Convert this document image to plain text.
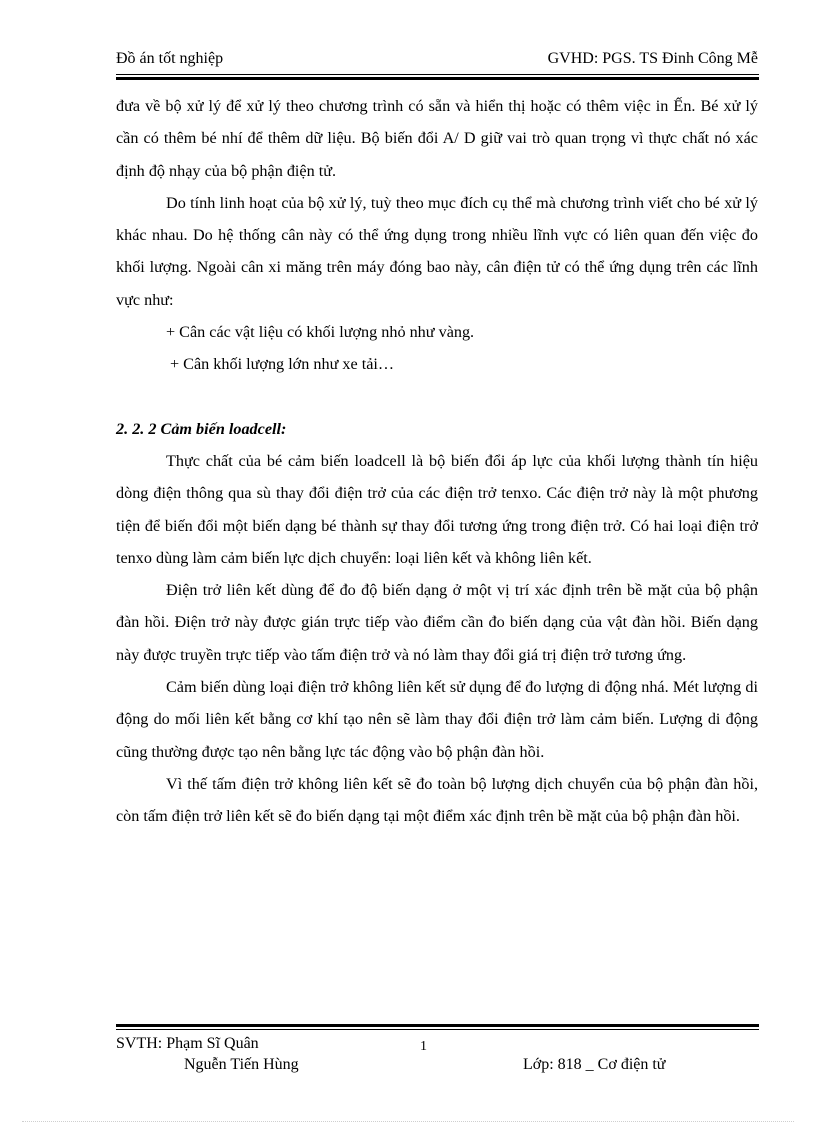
Đồ án tốt nghiệp	GVHD: PGS. TS Đinh Công Mễ

đưa về bộ xử lý để xử lý theo chương trình có sẵn và hiển thị hoặc có thêm việc in Ến. Bé xử lý cần có thêm bé nhí để thêm dữ liệu. Bộ biến đổi A/ D giữ vai trò quan trọng vì thực chất nó xác định độ nhạy của bộ phận điện tử.

Do tính linh hoạt của bộ xử lý, tuỳ theo mục đích cụ thể mà chương trình viết cho bé xử lý khác nhau. Do hệ thống cân này có thể ứng dụng trong nhiều lĩnh vực có liên quan đến việc đo khối lượng. Ngoài cân xi măng trên máy đóng bao này, cân điện tử có thể ứng dụng trên các lĩnh vực như:

+ Cân các vật liệu có khối lượng nhỏ như vàng.

+ Cân khối lượng lớn như xe tải…

2. 2. 2 Cảm biến loadcell:

Thực chất của bé cảm biến loadcell là bộ biến đổi áp lực của khối lượng thành tín hiệu dòng điện thông qua sù thay đổi điện trở của các điện trở tenxo. Các điện trở này là một phương tiện để biến đổi một biến dạng bé thành sự thay đổi tương ứng trong điện trở. Có hai loại điện trở tenxo dùng làm cảm biến lực dịch chuyển: loại liên kết và không liên kết.

Điện trở liên kết dùng để đo độ biến dạng ở một vị trí xác định trên bề mặt của bộ phận đàn hồi. Điện trở này được gián trực tiếp vào điểm cần đo biến dạng của vật đàn hồi. Biến dạng này được truyền trực tiếp vào tấm điện trở và nó làm thay đổi giá trị điện trở tương ứng.

Cảm biến dùng loại điện trở không liên kết sử dụng để đo lượng di động nhá. Mét lượng di động do mối liên kết bằng cơ khí tạo nên sẽ làm thay đổi điện trở làm cảm biến. Lượng di động cũng thường được tạo nên bằng lực tác động vào bộ phận đàn hồi.

Vì thế tấm điện trở không liên kết sẽ đo toàn bộ lượng dịch chuyển của bộ phận đàn hồi, còn tấm điện trở liên kết sẽ đo biến dạng tại một điểm xác định trên bề mặt của bộ phận đàn hồi.

SVTH: Phạm Sĩ Quân
Nguễn Tiến Hùng
1
Lớp: 818 _ Cơ điện tử
